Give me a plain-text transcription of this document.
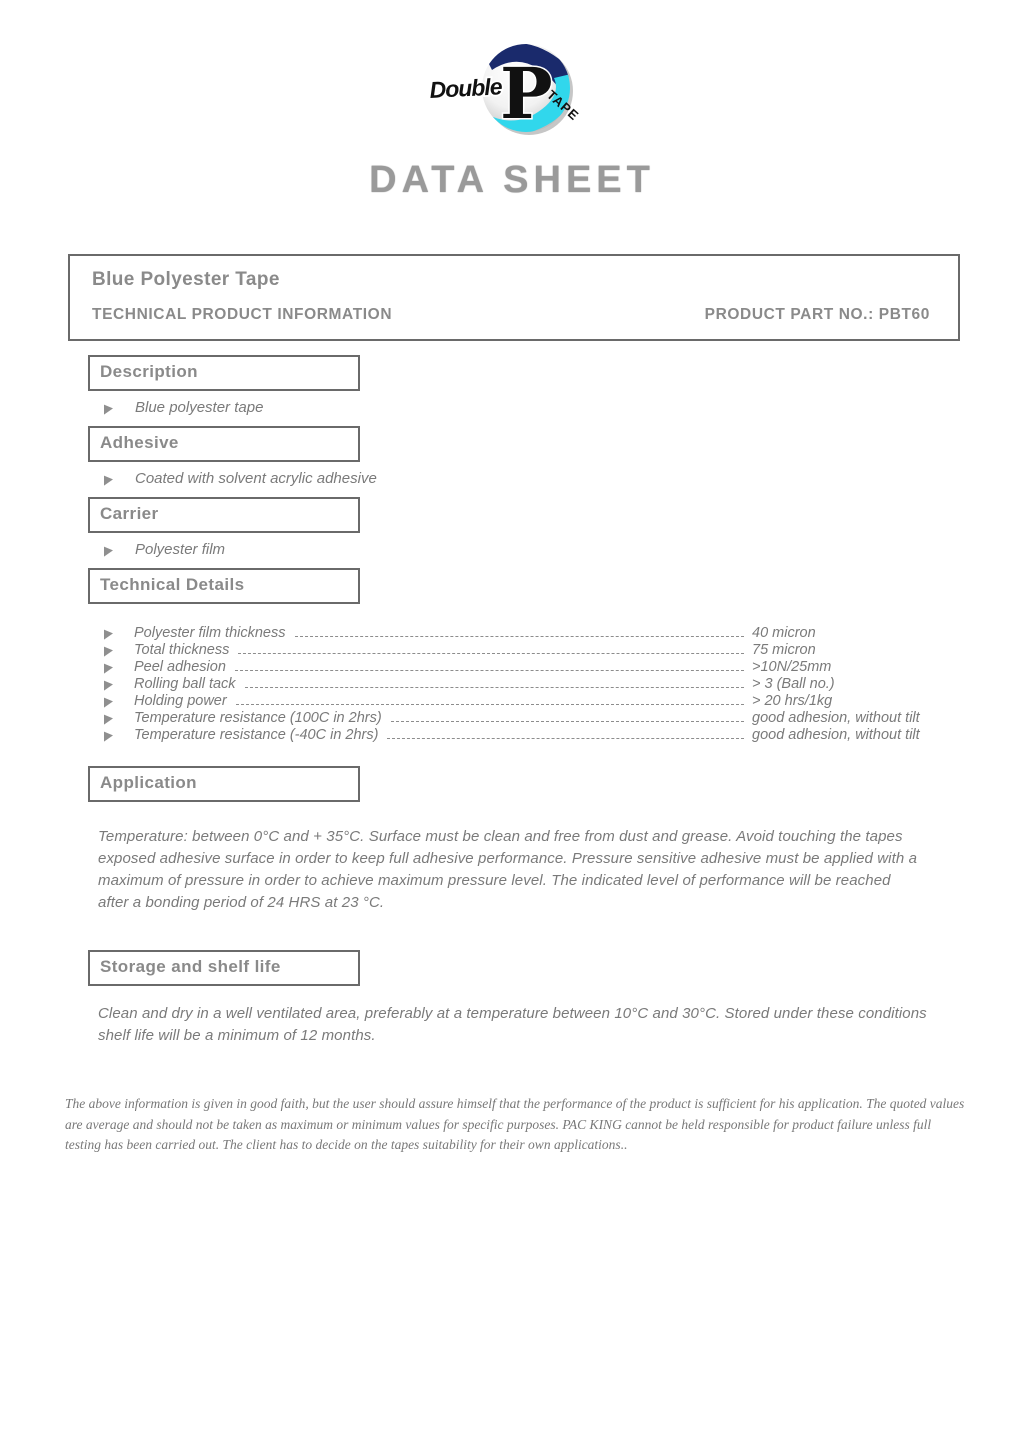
TAPE
P
Double
DATA SHEET
Blue Polyester Tape
TECHNICAL PRODUCT INFORMATION	PRODUCT PART NO.: PBT60
Description
Blue polyester tape
Adhesive
Coated with solvent acrylic adhesive
Carrier
Polyester film
Technical Details
Polyester film thickness	40 micron
Total thickness	75 micron
Peel adhesion	>10N/25mm
Rolling ball tack	> 3 (Ball no.)
Holding power	> 20 hrs/1kg
Temperature resistance (100C in 2hrs)	good adhesion, without tilt
Temperature resistance (-40C in 2hrs)	good adhesion, without tilt
Application
Temperature: between 0°C and + 35°C. Surface must be clean and free from dust and grease. Avoid touching the tapes exposed adhesive surface in order to keep full adhesive performance. Pressure sensitive adhesive must be applied with a maximum of pressure in order to achieve maximum pressure level. The indicated level of performance will be reached after a bonding period of 24 HRS at 23 °C.
Storage and shelf life
Clean and dry in a well ventilated area, preferably at a temperature between 10°C and 30°C. Stored under these conditions shelf life will be a minimum of 12 months.
The above information is given in good faith, but the user should assure himself that the performance of the product is sufficient for his application. The quoted values are average and should not be taken as maximum or minimum values for specific purposes. PAC KING cannot be held responsible for product failure unless full testing has been carried out. The client has to decide on the tapes suitability for their own applications..
